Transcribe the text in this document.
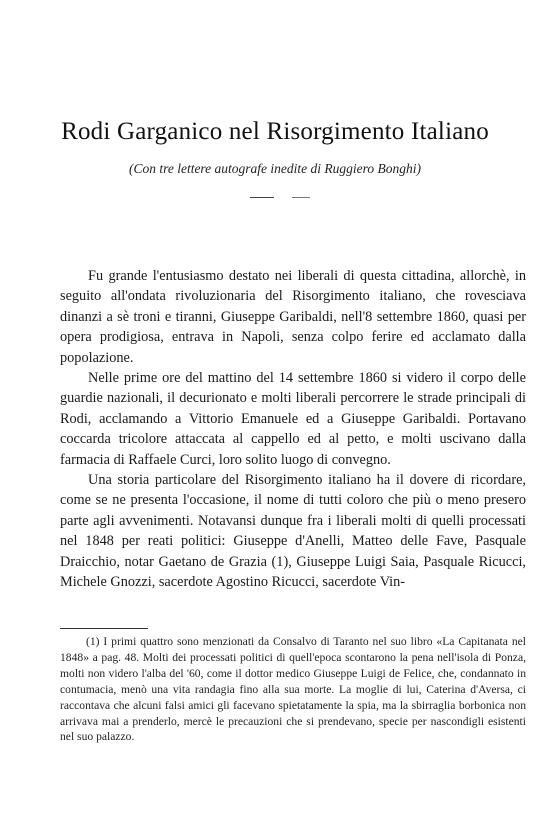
Rodi Garganico nel Risorgimento Italiano
(Con tre lettere autografe inedite di Ruggiero Bonghi)

Fu grande l'entusiasmo destato nei liberali di questa cittadina, allorchè, in seguito all'ondata rivoluzionaria del Risorgimento italiano, che rovesciava dinanzi a sè troni e tiranni, Giuseppe Garibaldi, nell'8 settembre 1860, quasi per opera prodigiosa, entrava in Napoli, senza colpo ferire ed acclamato dalla popolazione.

Nelle prime ore del mattino del 14 settembre 1860 si videro il corpo delle guardie nazionali, il decurionato e molti liberali percorrere le strade principali di Rodi, acclamando a Vittorio Emanuele ed a Giuseppe Garibaldi. Portavano coccarda tricolore attaccata al cappello ed al petto, e molti uscivano dalla farmacia di Raffaele Curci, loro solito luogo di convegno.

Una storia particolare del Risorgimento italiano ha il dovere di ricordare, come se ne presenta l'occasione, il nome di tutti coloro che più o meno presero parte agli avvenimenti. Notavansi dunque fra i liberali molti di quelli processati nel 1848 per reati politici: Giuseppe d'Anelli, Matteo delle Fave, Pasquale Draicchio, notar Gaetano de Grazia (1), Giuseppe Luigi Saia, Pasquale Ricucci, Michele Gnozzi, sacerdote Agostino Ricucci, sacerdote Vin-

(1) I primi quattro sono menzionati da Consalvo di Taranto nel suo libro «La Capitanata nel 1848» a pag. 48. Molti dei processati politici di quell'epoca scontarono la pena nell'isola di Ponza, molti non videro l'alba del '60, come il dottor medico Giuseppe Luigi de Felice, che, condannato in contumacia, menò una vita randagia fino alla sua morte. La moglie di lui, Caterina d'Aversa, ci raccontava che alcuni falsi amici gli facevano spietatamente la spia, ma la sbirraglia borbonica non arrivava mai a prenderlo, mercè le precauzioni che si prendevano, specie per nascondigli esistenti nel suo palazzo.
